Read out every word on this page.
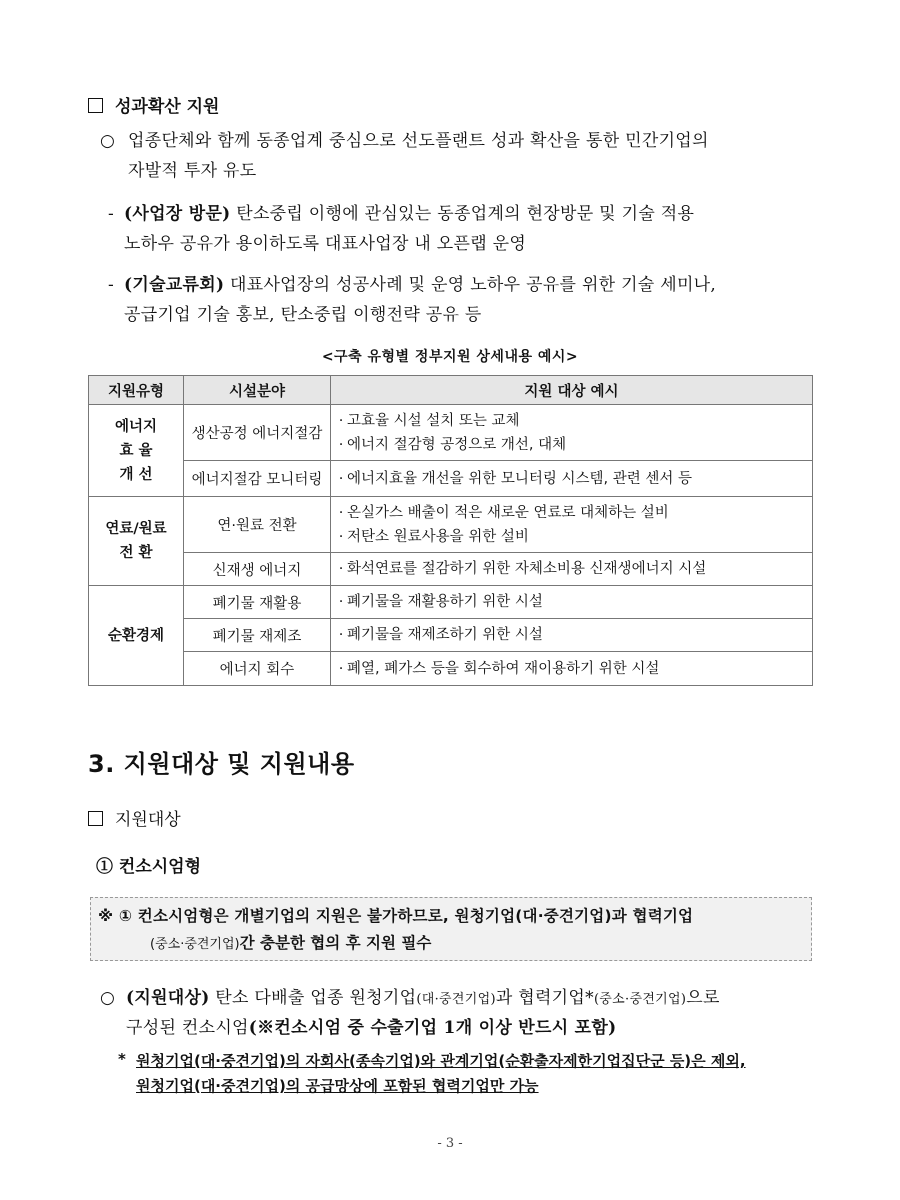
성과확산 지원
○ 업종단체와 함께 동종업계 중심으로 선도플랜트 성과 확산을 통한 민간기업의
자발적 투자 유도
- (사업장 방문) 탄소중립 이행에 관심있는 동종업계의 현장방문 및 기술 적용
노하우 공유가 용이하도록 대표사업장 내 오픈랩 운영
- (기술교류회) 대표사업장의 성공사례 및 운영 노하우 공유를 위한 기술 세미나,
공급기업 기술 홍보, 탄소중립 이행전략 공유 등
<구축 유형별 정부지원 상세내용 예시>
지원유형	시설분야	지원 대상 예시

에너지
효 율
개 선	생산공정 에너지절감	· 고효율 시설 설치 또는 교체
· 에너지 절감형 공정으로 개선, 대체

	에너지절감 모니터링	· 에너지효율 개선을 위한 모니터링 시스템, 관련 센서 등

연료/원료
전 환	연·원료 전환	· 온실가스 배출이 적은 새로운 연료로 대체하는 설비
· 저탄소 원료사용을 위한 설비

	신재생 에너지	· 화석연료를 절감하기 위한 자체소비용 신재생에너지 시설

순환경제	폐기물 재활용	· 폐기물을 재활용하기 위한 시설

	폐기물 재제조	· 폐기물을 재제조하기 위한 시설

	에너지 회수	· 폐열, 폐가스 등을 회수하여 재이용하기 위한 시설
3. 지원대상 및 지원내용
지원대상
① 컨소시엄형
※ ① 컨소시엄형은 개별기업의 지원은 불가하므로, 원청기업(대·중견기업)과 협력기업
(중소·중견기업)간 충분한 협의 후 지원 필수
○ (지원대상) 탄소 다배출 업종 원청기업(대·중견기업)과 협력기업*(중소·중견기업)으로
구성된 컨소시엄(※컨소시엄 중 수출기업 1개 이상 반드시 포함)
* 원청기업(대·중견기업)의 자회사(종속기업)와 관계기업(순환출자제한기업집단군 등)은 제외,
원청기업(대·중견기업)의 공급망상에 포함된 협력기업만 가능
- 3 -
